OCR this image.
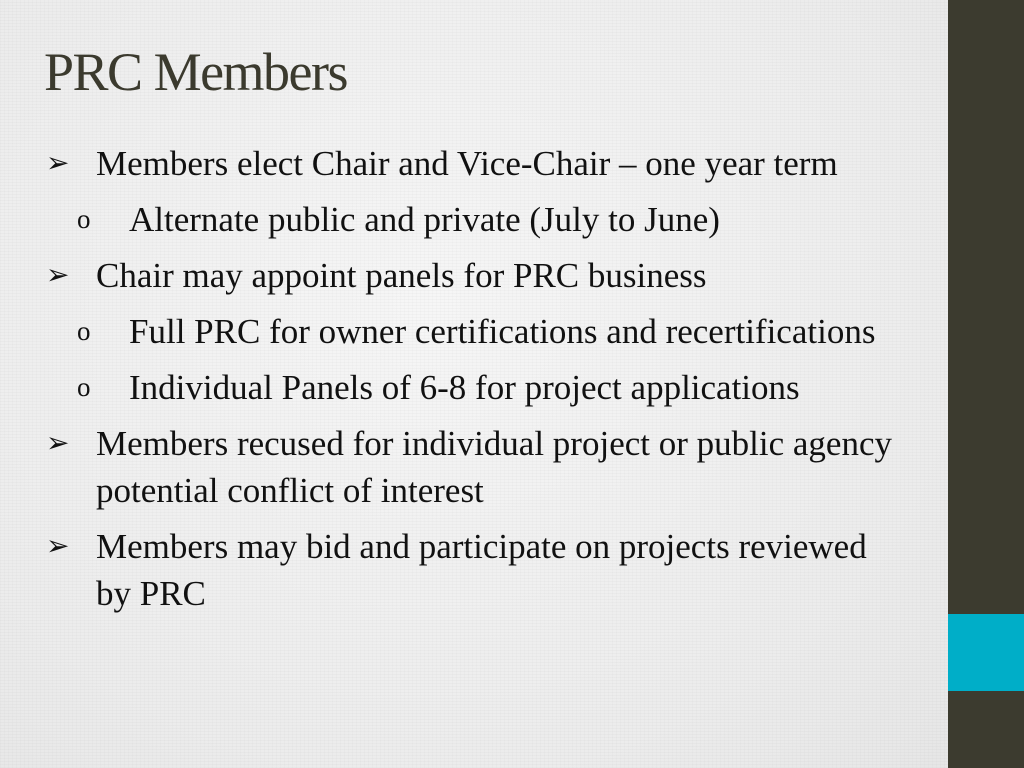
PRC Members
➢ Members elect Chair and Vice-Chair – one year term
o Alternate public and private (July to June)
➢ Chair may appoint panels for PRC business
o Full PRC for owner certifications and recertifications
o Individual Panels of 6-8 for project applications
➢ Members recused for individual project or public agency potential conflict of interest
➢ Members may bid and participate on projects reviewed by PRC
